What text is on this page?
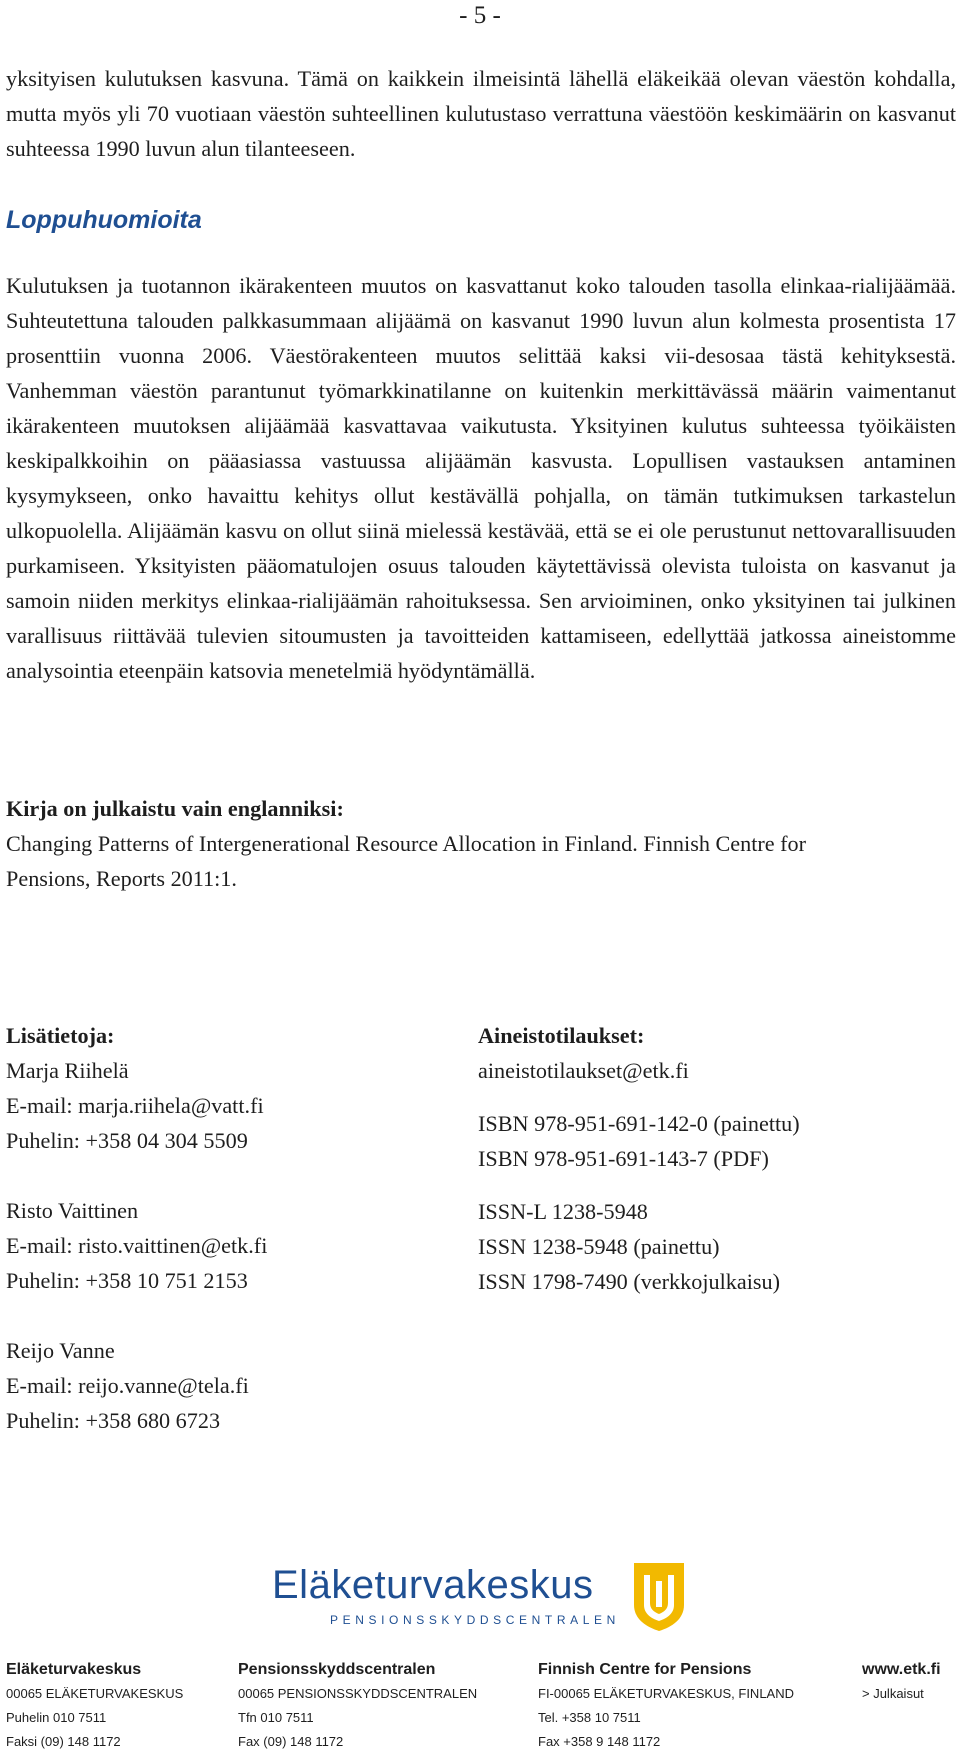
- 5 -

yksityisen kulutuksen kasvuna. Tämä on kaikkein ilmeisintä lähellä eläkeikää olevan väestön kohdalla, mutta myös yli 70 vuotiaan väestön suhteellinen kulutustaso verrattuna väestöön keskimäärin on kasvanut suhteessa 1990 luvun alun tilanteeseen.

Loppuhuomioita

Kulutuksen ja tuotannon ikärakenteen muutos on kasvattanut koko talouden tasolla elinkaa-rialijäämää. Suhteutettuna talouden palkkasummaan alijäämä on kasvanut 1990 luvun alun kolmesta prosentista 17 prosenttiin vuonna 2006. Väestörakenteen muutos selittää kaksi vii-desosaa tästä kehityksestä. Vanhemman väestön parantunut työmarkkinatilanne on kuitenkin merkittävässä määrin vaimentanut ikärakenteen muutoksen alijäämää kasvattavaa vaikutusta. Yksityinen kulutus suhteessa työikäisten keskipalkkoihin on pääasiassa vastuussa alijäämän kasvusta. Lopullisen vastauksen antaminen kysymykseen, onko havaittu kehitys ollut kestävällä pohjalla, on tämän tutkimuksen tarkastelun ulkopuolella. Alijäämän kasvu on ollut siinä mielessä kestävää, että se ei ole perustunut nettovarallisuuden purkamiseen. Yksityisten pääomatulojen osuus talouden käytettävissä olevista tuloista on kasvanut ja samoin niiden merkitys elinkaa-rialijäämän rahoituksessa. Sen arvioiminen, onko yksityinen tai julkinen varallisuus riittävää tulevien sitoumusten ja tavoitteiden kattamiseen, edellyttää jatkossa aineistomme analysointia eteenpäin katsovia menetelmiä hyödyntämällä.

Kirja on julkaistu vain englanniksi:
Changing Patterns of Intergenerational Resource Allocation in Finland. Finnish Centre for
Pensions, Reports 2011:1.
Lisätietoja:
Marja Riihelä
E-mail: marja.riihela@vatt.fi
Puhelin: +358 04 304 5509
Risto Vaittinen
E-mail: risto.vaittinen@etk.fi
Puhelin: +358 10 751 2153
Reijo Vanne
E-mail: reijo.vanne@tela.fi
Puhelin: +358 680 6723
Aineistotilaukset:
aineistotilaukset@etk.fi
ISBN 978-951-691-142-0 (painettu)
ISBN 978-951-691-143-7 (PDF)
ISSN-L 1238-5948
ISSN 1238-5948 (painettu)
ISSN 1798-7490 (verkkojulkaisu)
Eläketurvakeskus
PENSIONSSKYDDSCENTRALEN
Eläketurvakeskus
00065 ELÄKETURVAKESKUS
Puhelin 010 7511
Faksi (09) 148 1172
Pensionsskyddscentralen
00065 PENSIONSSKYDDSCENTRALEN
Tfn 010 7511
Fax (09) 148 1172
Finnish Centre for Pensions
FI-00065 ELÄKETURVAKESKUS, FINLAND
Tel. +358 10 7511
Fax +358 9 148 1172
www.etk.fi
> Julkaisut
